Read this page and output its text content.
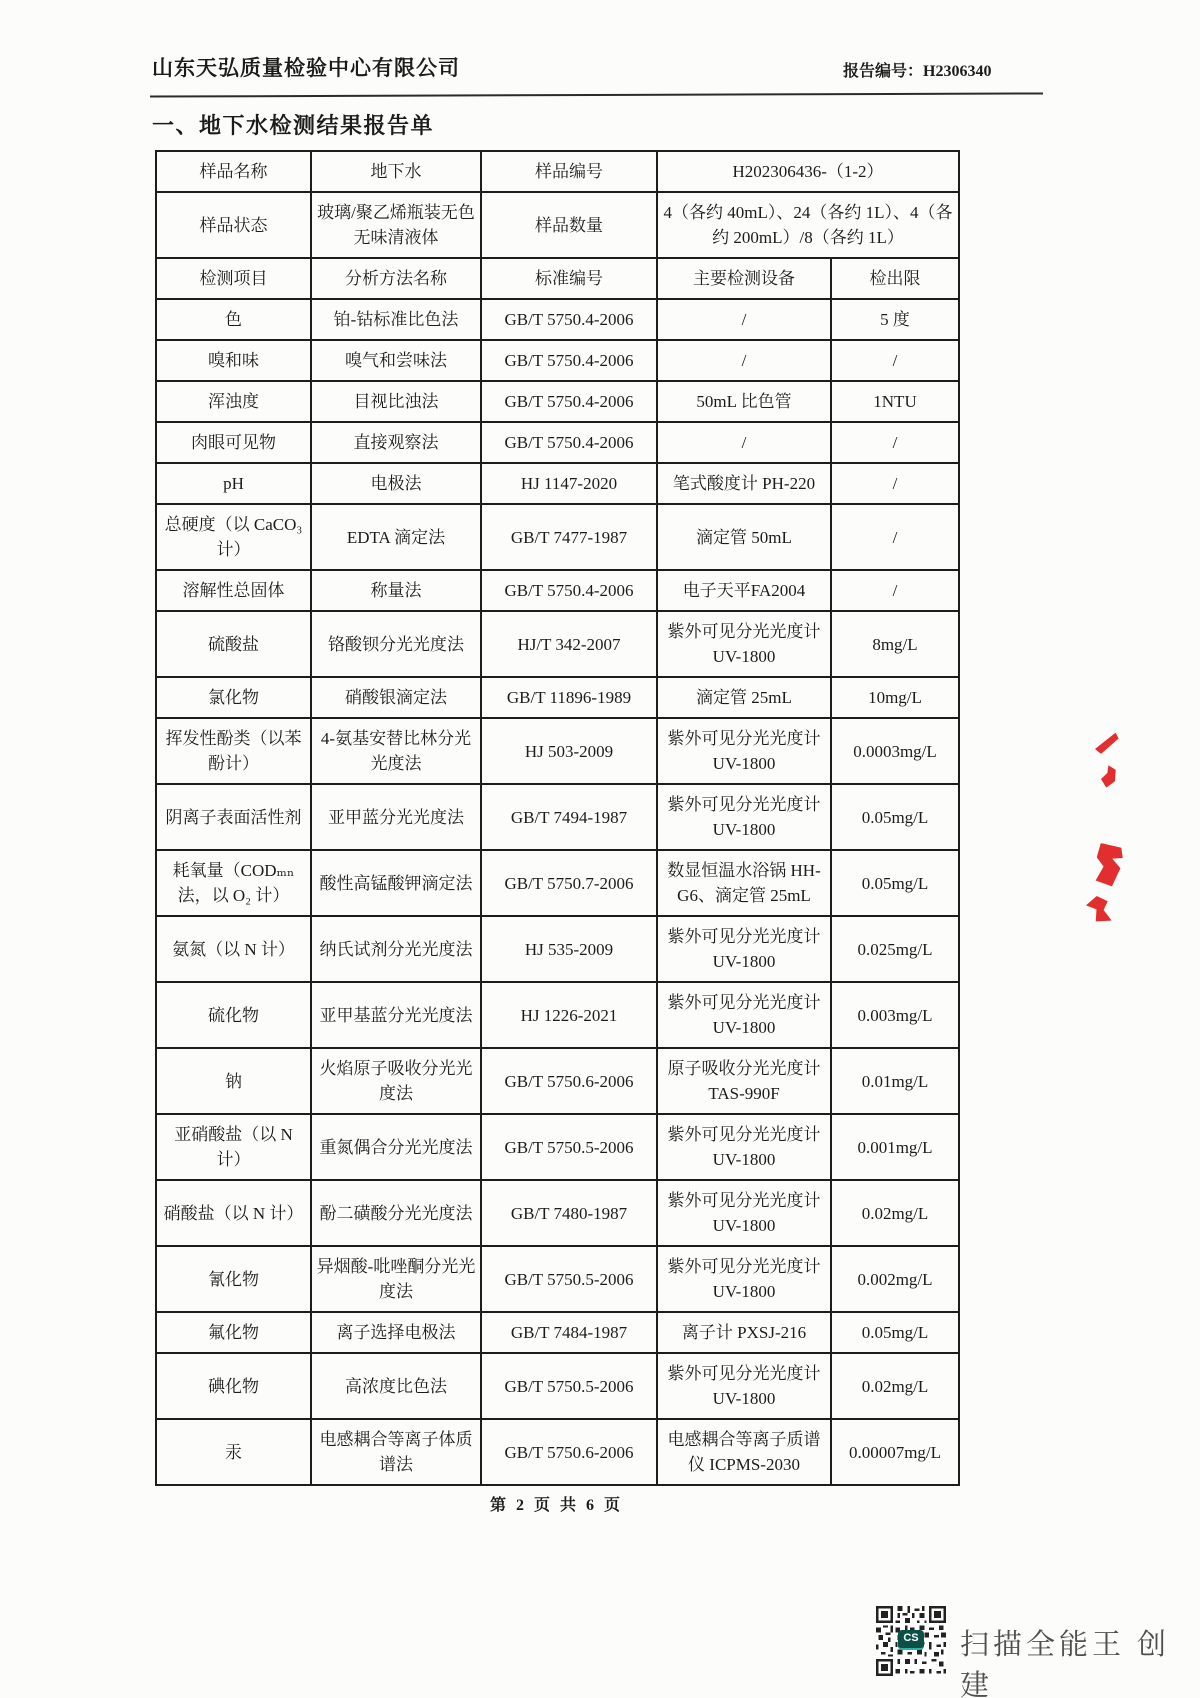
山东天弘质量检验中心有限公司	报告编号：H2306340
一、地下水检测结果报告单
样品名称	地下水	样品编号	H202306436-（1-2）	
样品状态	玻璃/聚乙烯瓶装无色无味清液体	样品数量	4（各约 40mL）、24（各约 1L）、4（各约 200mL）/8（各约 1L）	
检测项目	分析方法名称	标准编号	主要检测设备	检出限
色	铂-钴标准比色法	GB/T 5750.4-2006	/	5 度
嗅和味	嗅气和尝味法	GB/T 5750.4-2006	/	/
浑浊度	目视比浊法	GB/T 5750.4-2006	50mL 比色管	1NTU
肉眼可见物	直接观察法	GB/T 5750.4-2006	/	/
pH	电极法	HJ 1147-2020	笔式酸度计 PH-220	/
总硬度（以 CaCO₃ 计）	EDTA 滴定法	GB/T 7477-1987	滴定管 50mL	/
溶解性总固体	称量法	GB/T 5750.4-2006	电子天平FA2004	/
硫酸盐	铬酸钡分光光度法	HJ/T 342-2007	紫外可见分光光度计 UV-1800	8mg/L
氯化物	硝酸银滴定法	GB/T 11896-1989	滴定管 25mL	10mg/L
挥发性酚类（以苯酚计）	4-氨基安替比林分光光度法	HJ 503-2009	紫外可见分光光度计 UV-1800	0.0003mg/L
阴离子表面活性剂	亚甲蓝分光光度法	GB/T 7494-1987	紫外可见分光光度计 UV-1800	0.05mg/L
耗氧量（CODₘₙ法，以 O₂ 计）	酸性高锰酸钾滴定法	GB/T 5750.7-2006	数显恒温水浴锅 HH-G6、滴定管 25mL	0.05mg/L
氨氮（以 N 计）	纳氏试剂分光光度法	HJ 535-2009	紫外可见分光光度计 UV-1800	0.025mg/L
硫化物	亚甲基蓝分光光度法	HJ 1226-2021	紫外可见分光光度计 UV-1800	0.003mg/L
钠	火焰原子吸收分光光度法	GB/T 5750.6-2006	原子吸收分光光度计 TAS-990F	0.01mg/L
亚硝酸盐（以 N 计）	重氮偶合分光光度法	GB/T 5750.5-2006	紫外可见分光光度计 UV-1800	0.001mg/L
硝酸盐（以 N 计）	酚二磺酸分光光度法	GB/T 7480-1987	紫外可见分光光度计 UV-1800	0.02mg/L
氰化物	异烟酸-吡唑酮分光光度法	GB/T 5750.5-2006	紫外可见分光光度计 UV-1800	0.002mg/L
氟化物	离子选择电极法	GB/T 7484-1987	离子计 PXSJ-216	0.05mg/L
碘化物	高浓度比色法	GB/T 5750.5-2006	紫外可见分光光度计 UV-1800	0.02mg/L
汞	电感耦合等离子体质谱法	GB/T 5750.6-2006	电感耦合等离子质谱仪 ICPMS-2030	0.00007mg/L
第 2 页 共 6 页
CS 扫描全能王 创建
